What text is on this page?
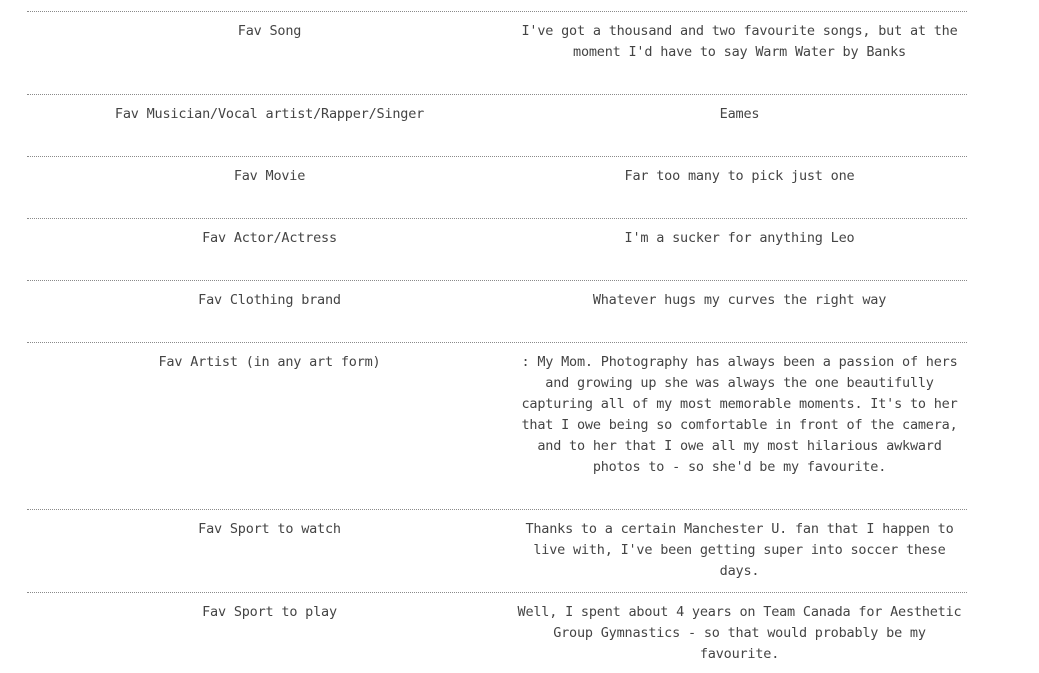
Fav Song	I've got a thousand and two favourite songs, but at the moment I'd have to say Warm Water by Banks
Fav Musician/Vocal artist/Rapper/Singer	Eames
Fav Movie	Far too many to pick just one
Fav Actor/Actress	I'm a sucker for anything Leo
Fav Clothing brand	Whatever hugs my curves the right way
Fav Artist (in any art form)	: My Mom. Photography has always been a passion of hers and growing up she was always the one beautifully capturing all of my most memorable moments. It's to her that I owe being so comfortable in front of the camera, and to her that I owe all my most hilarious awkward photos to - so she'd be my favourite.
Fav Sport to watch	Thanks to a certain Manchester U. fan that I happen to live with, I've been getting super into soccer these days.
Fav Sport to play	Well, I spent about 4 years on Team Canada for Aesthetic Group Gymnastics - so that would probably be my favourite.
